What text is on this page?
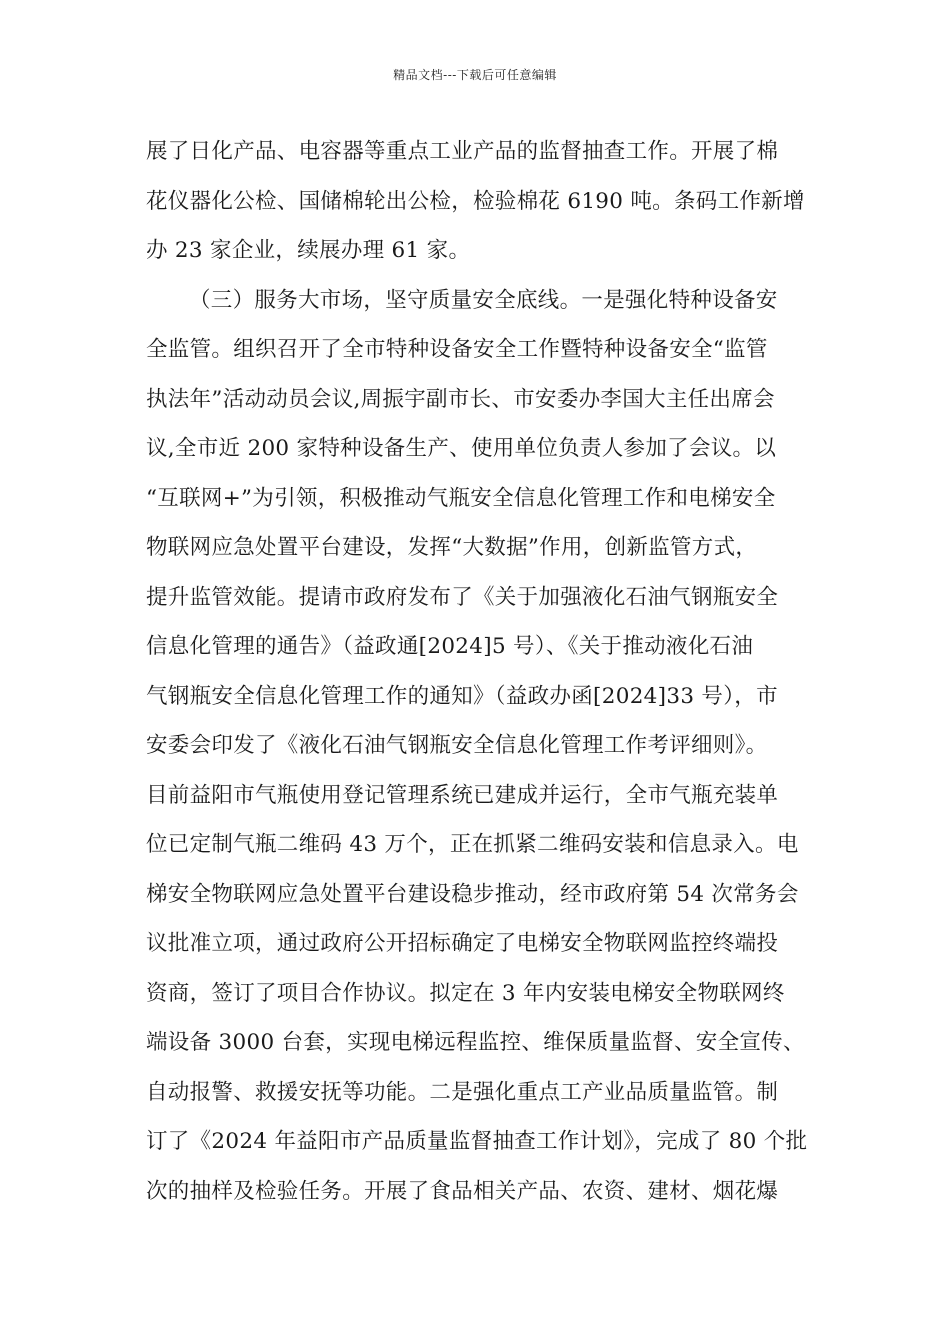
精品文档---下载后可任意编辑
展了日化产品、电容器等重点工业产品的监督抽查工作。开展了棉
花仪器化公检、国储棉轮出公检，检验棉花 6190 吨。条码工作新增
办 23 家企业，续展办理 61 家。
（三）服务大市场，坚守质量安全底线。一是强化特种设备安
全监管。组织召开了全市特种设备安全工作暨特种设备安全“监管
执法年”活动动员会议,周振宇副市长、市安委办李国大主任出席会
议,全市近 200 家特种设备生产、使用单位负责人参加了会议。以
“互联网+”为引领，积极推动气瓶安全信息化管理工作和电梯安全
物联网应急处置平台建设，发挥“大数据”作用，创新监管方式，
提升监管效能。提请市政府发布了《关于加强液化石油气钢瓶安全
信息化管理的通告》（益政通[2024]5 号）、《关于推动液化石油
气钢瓶安全信息化管理工作的通知》（益政办函[2024]33 号），市
安委会印发了《液化石油气钢瓶安全信息化管理工作考评细则》。
目前益阳市气瓶使用登记管理系统已建成并运行，全市气瓶充装单
位已定制气瓶二维码 43 万个，正在抓紧二维码安装和信息录入。电
梯安全物联网应急处置平台建设稳步推动，经市政府第 54 次常务会
议批准立项，通过政府公开招标确定了电梯安全物联网监控终端投
资商，签订了项目合作协议。拟定在 3 年内安装电梯安全物联网终
端设备 3000 台套，实现电梯远程监控、维保质量监督、安全宣传、
自动报警、救援安抚等功能。二是强化重点工产业品质量监管。制
订了《2024 年益阳市产品质量监督抽查工作计划》，完成了 80 个批
次的抽样及检验任务。开展了食品相关产品、农资、建材、烟花爆
